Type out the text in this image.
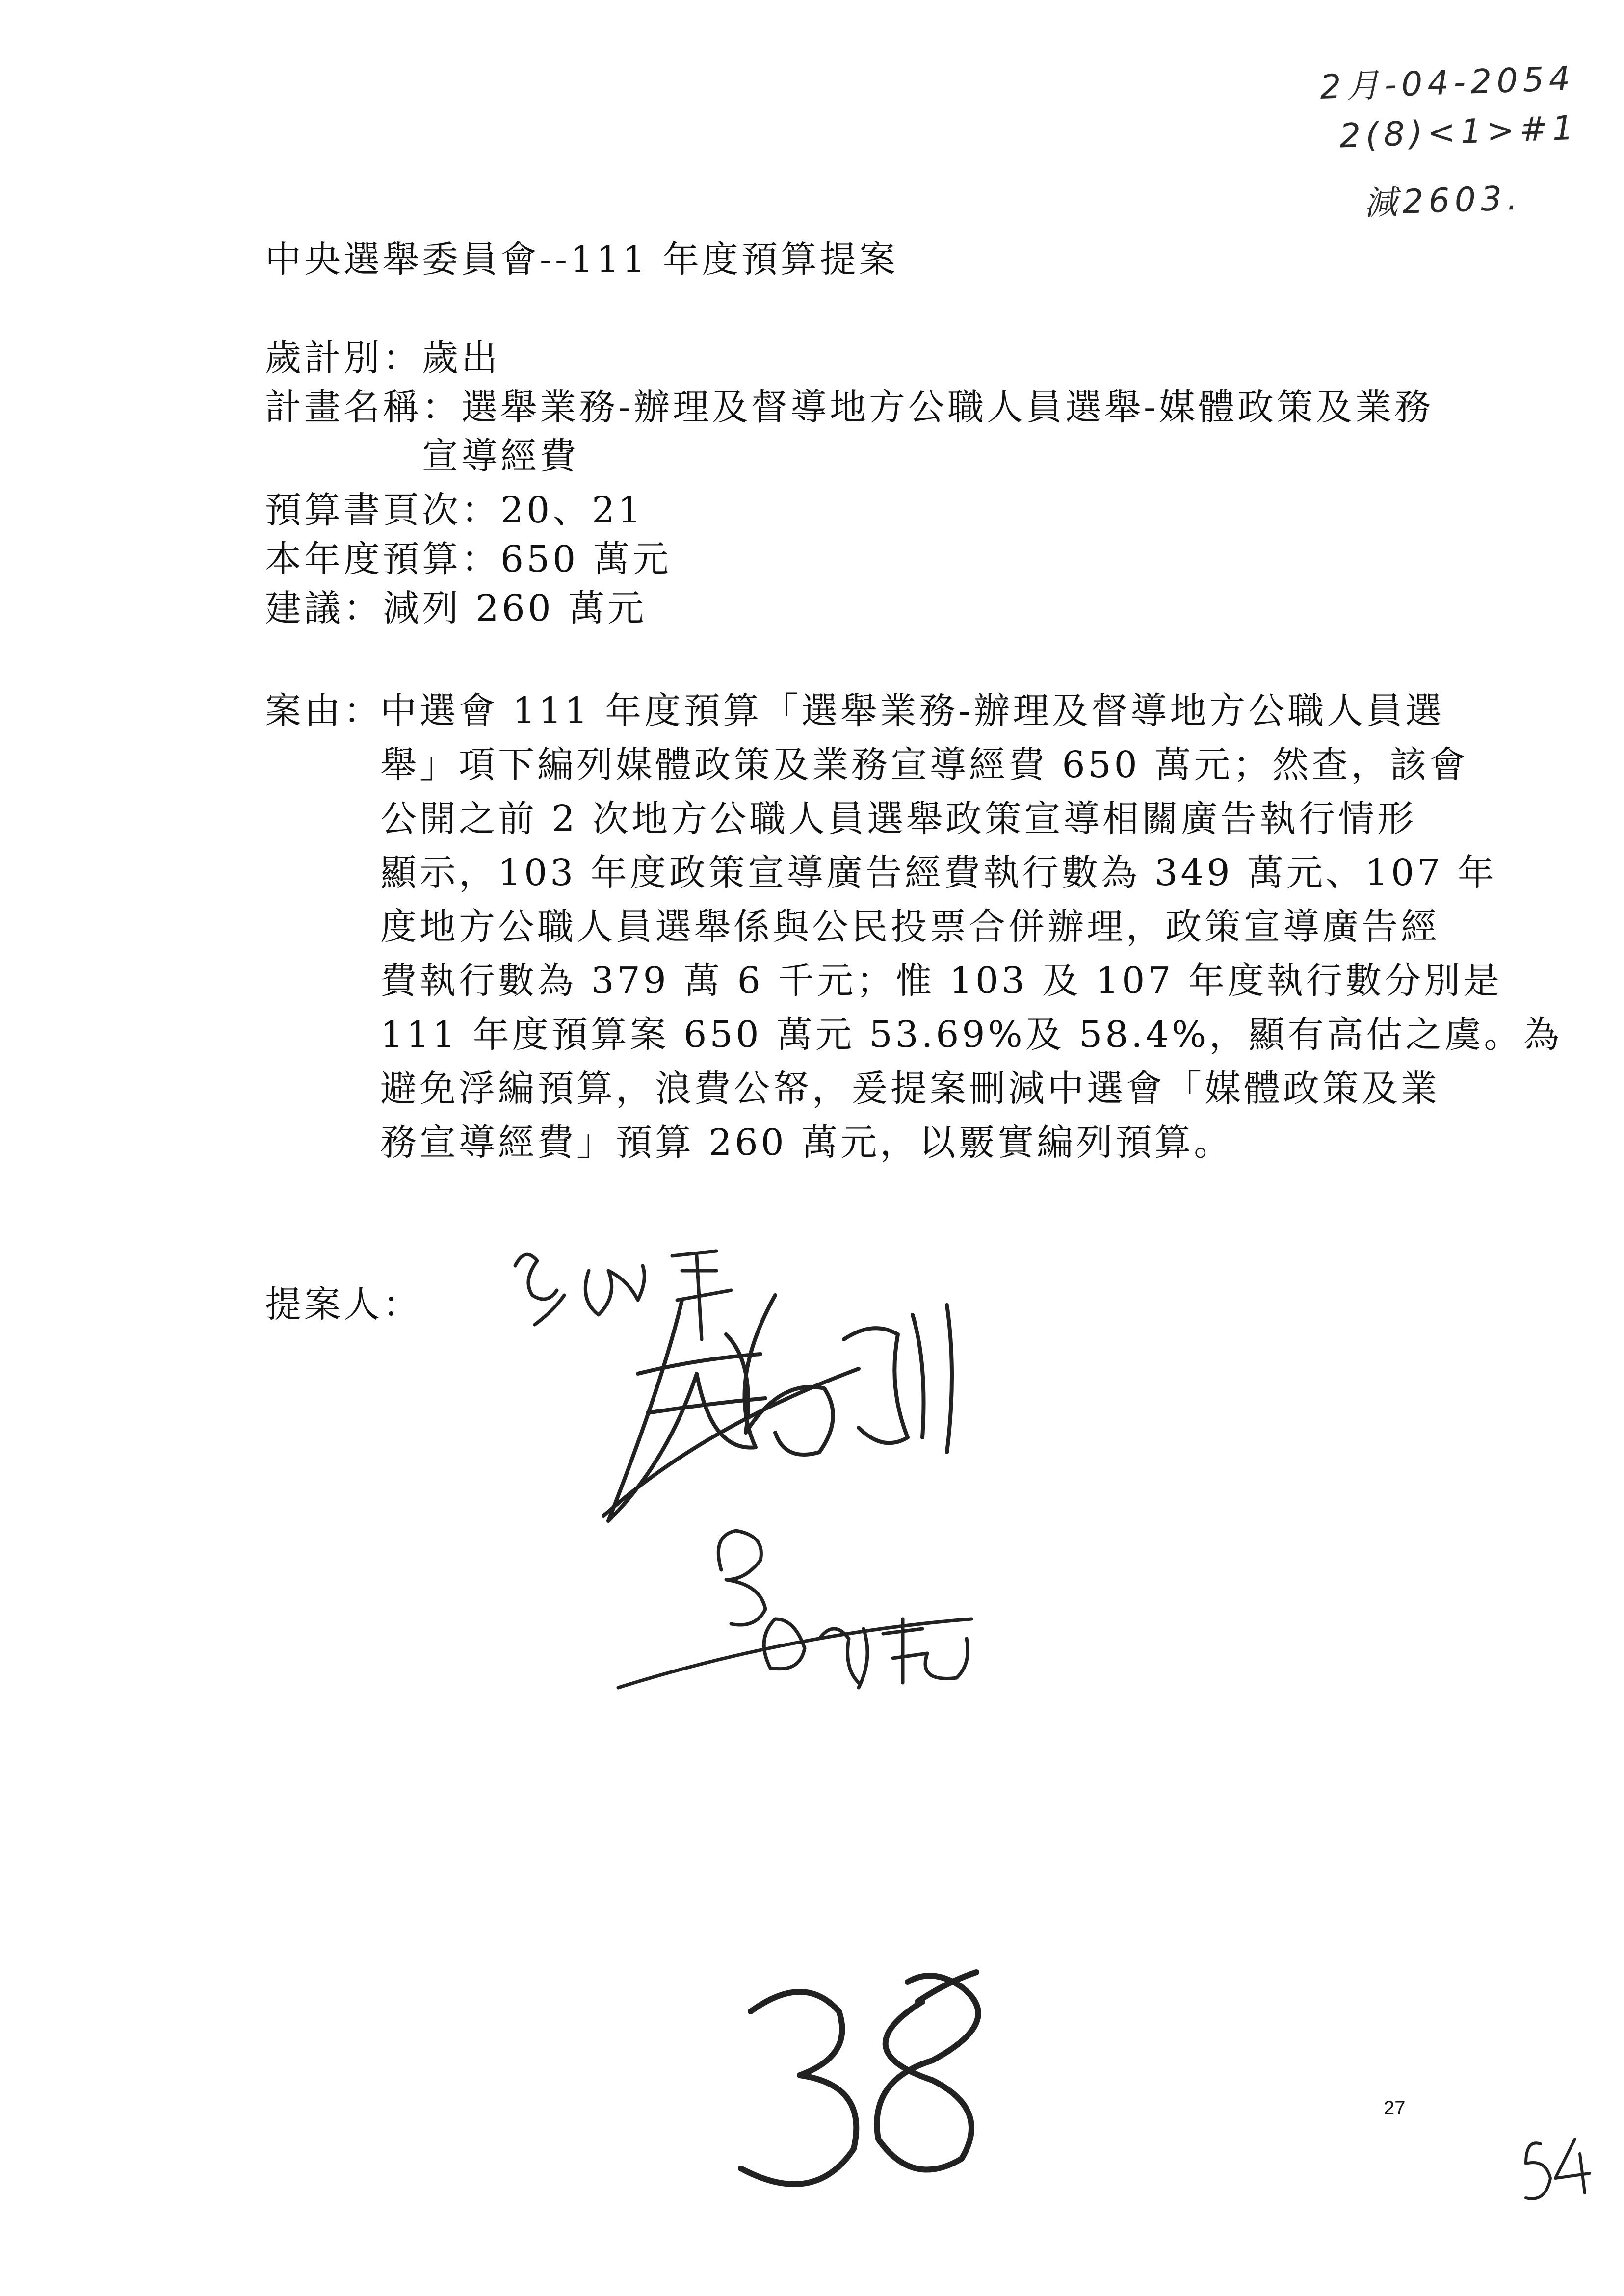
2月-04-2054
2(8)<1>#1
減2603.
中央選舉委員會--111 年度預算提案
歲計別：歲出
計畫名稱：選舉業務-辦理及督導地方公職人員選舉-媒體政策及業務
宣導經費
預算書頁次：20、21
本年度預算：650 萬元
建議：減列 260 萬元
案由：
中選會 111 年度預算「選舉業務-辦理及督導地方公職人員選
舉」項下編列媒體政策及業務宣導經費 650 萬元；然查，該會
公開之前 2 次地方公職人員選舉政策宣導相關廣告執行情形
顯示，103 年度政策宣導廣告經費執行數為 349 萬元、107 年
度地方公職人員選舉係與公民投票合併辦理，政策宣導廣告經
費執行數為 379 萬 6 千元；惟 103 及 107 年度執行數分別是
111 年度預算案 650 萬元 53.69%及 58.4%，顯有高估之虞。為
避免浮編預算，浪費公帑，爰提案刪減中選會「媒體政策及業
務宣導經費」預算 260 萬元，以覈實編列預算。
提案人：
27
